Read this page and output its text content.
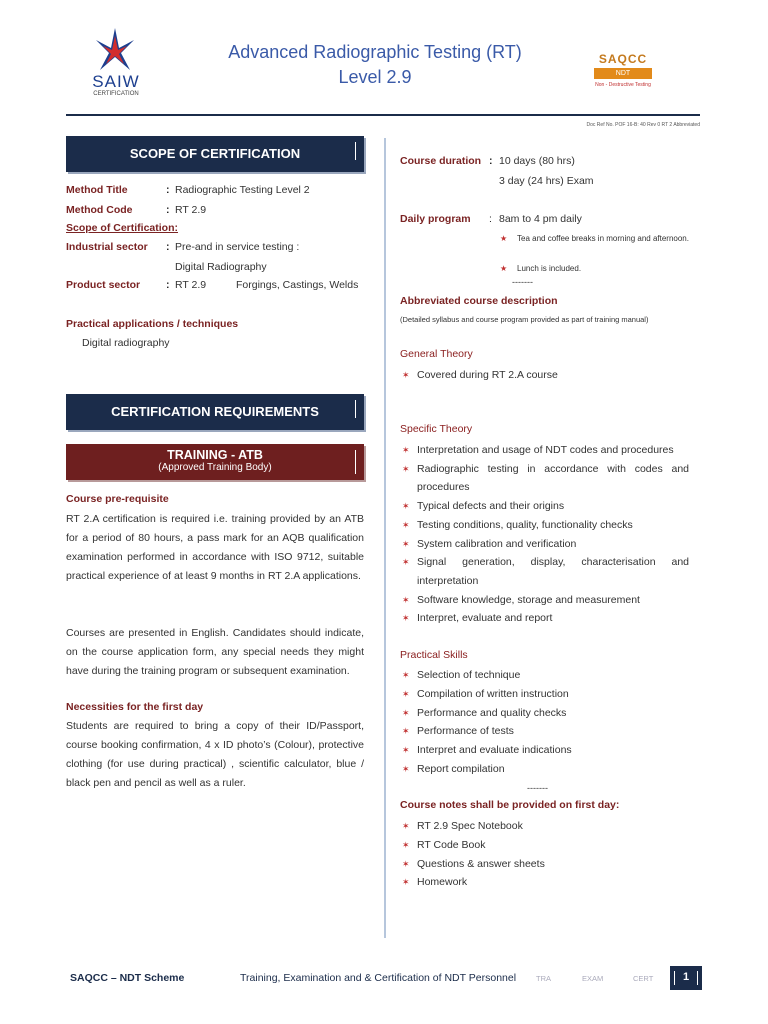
SAIW
CERTIFICATION
Advanced Radiographic Testing (RT)
Level 2.9
SAQCC
NDT
Non - Destructive Testing
Doc Ref No. POF 16-B: 40 Rev 0 RT 2 Abbreviated
SCOPE OF CERTIFICATION
Method Title	: Radiographic Testing Level 2
Method Code	: RT 2.9
Scope of Certification:
Industrial sector : Pre-and in service testing :
Digital Radiography
Product sector : RT 2.9	Forgings, Castings, Welds
Practical applications / techniques
Digital radiography
CERTIFICATION REQUIREMENTS
TRAINING - ATB
(Approved Training Body)
Course pre-requisite
RT 2.A certification is required i.e. training provided by an ATB for a period of 80 hours, a pass mark for an AQB qualification examination performed in accordance with ISO 9712, suitable practical experience of at least 9 months in RT 2.A applications.
Courses are presented in English. Candidates should indicate, on the course application form, any special needs they might have during the training program or subsequent examination.
Necessities for the first day
Students are required to bring a copy of their ID/Passport, course booking confirmation, 4 x ID photo’s (Colour), protective clothing (for use during practical) , scientific calculator, blue / black pen and pencil as well as a ruler.
Course duration : 10 days (80 hrs)
3 day (24 hrs) Exam
Daily program : 8am to 4 pm daily
★	Tea and coffee breaks in morning and afternoon.
★	Lunch is included.
-------
Abbreviated course description
(Detailed syllabus and course program provided as part of training manual)
General Theory
✶ Covered during RT 2.A course
Specific Theory
✶ Interpretation and usage of NDT codes and procedures
✶ Radiographic testing in accordance with codes and procedures
✶ Typical defects and their origins
✶ Testing conditions, quality, functionality checks
✶ System calibration and verification
✶ Signal generation, display, characterisation and interpretation
✶ Software knowledge, storage and measurement
✶ Interpret, evaluate and report
Practical Skills
✶ Selection of technique
✶ Compilation of written instruction
✶ Performance and quality checks
✶ Performance of tests
✶ Interpret and evaluate indications
✶ Report compilation
-------
Course notes shall be provided on first day:
✶ RT 2.9 Spec Notebook
✶ RT Code Book
✶ Questions & answer sheets
✶ Homework
SAQCC – NDT Scheme	Training, Examination and & Certification of NDT Personnel	TRA	EXAM	CERT	1
